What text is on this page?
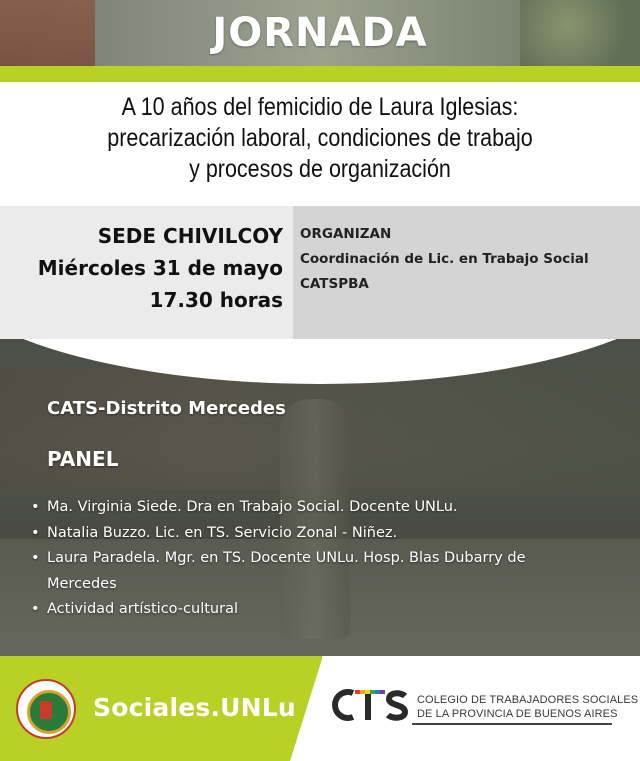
JORNADA
A 10 años del femicidio de Laura Iglesias:
precarización laboral, condiciones de trabajo
y procesos de organización
SEDE CHIVILCOY
Miércoles 31 de mayo
17.30 horas
ORGANIZAN
Coordinación de Lic. en Trabajo Social
CATSPBA
CATS-Distrito Mercedes
PANEL
• Ma. Virginia Siede. Dra en Trabajo Social. Docente UNLu.
• Natalia Buzzo. Lic. en TS. Servicio Zonal - Niñez.
• Laura Paradela. Mgr. en TS. Docente UNLu. Hosp. Blas Dubarry de Mercedes
• Actividad artístico-cultural
Sociales.UNLu	COLEGIO DE TRABAJADORES SOCIALES
DE LA PROVINCIA DE BUENOS AIRES
